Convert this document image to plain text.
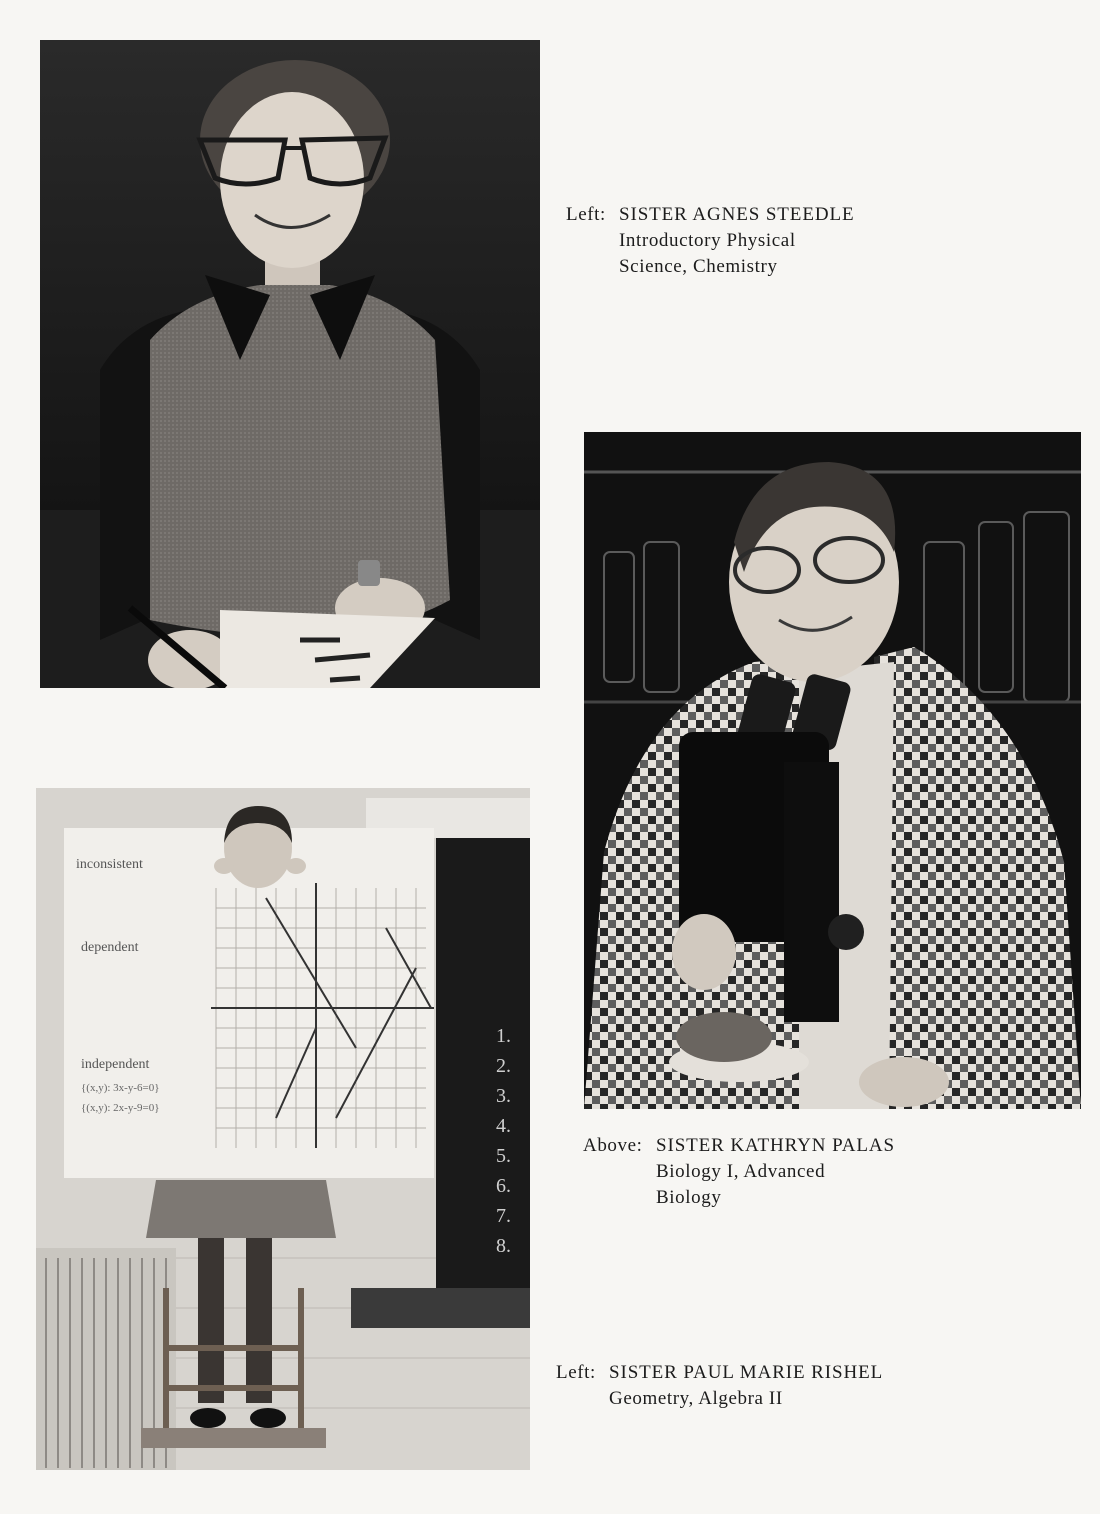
Left: SISTER AGNES STEEDLE
Introductory Physical
Science, Chemistry
Above: SISTER KATHRYN PALAS
Biology I, Advanced
Biology
1.
2.
3.
4.
5.
6.
7.
8.
inconsistent
dependent
independent
{(x,y): 3x-y-6=0}
{(x,y): 2x-y-9=0}
Left: SISTER PAUL MARIE RISHEL
Geometry, Algebra II
